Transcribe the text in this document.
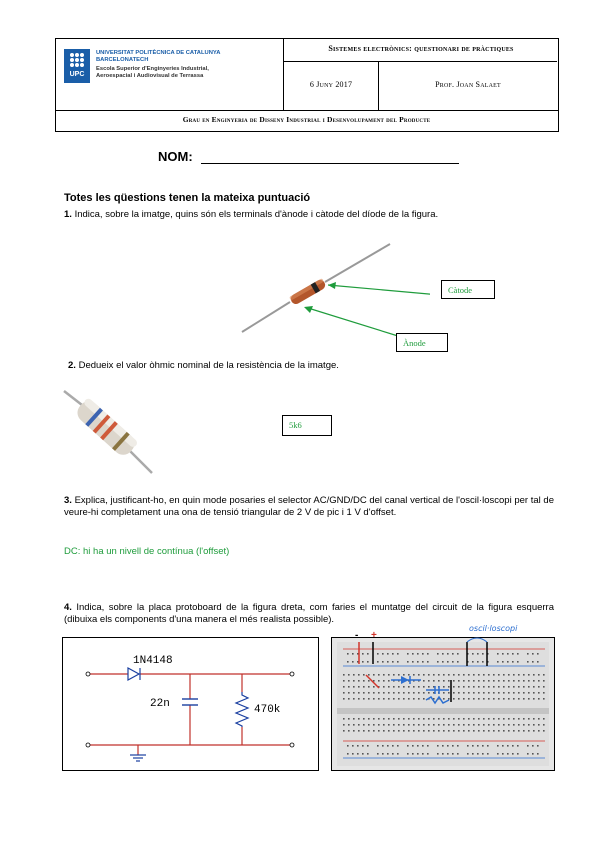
UPC
UNIVERSITAT POLITÈCNICA DE CATALUNYA
BARCELONATECH
Escola Superior d'Enginyeries Industrial,
Aeroespacial i Audiovisual de Terrassa
Sistemes electrònics: questionari de pràctiques
6 Juny 2017	Prof. Joan Salaet
Grau en Enginyeria de Disseny Industrial i Desenvolupament del Producte
NOM:
Totes les qüestions tenen la mateixa puntuació
1. Indica, sobre la imatge, quins són els terminals d'ànode i càtode del díode de la figura.
Càtode
Ànode
2. Dedueix el valor òhmic nominal de la resistència de la imatge.
5k6
3. Explica, justificant-ho, en quin mode posaries el selector AC/GND/DC del canal vertical de l'oscil·loscopi per tal de veure-hi completament una ona de tensió triangular de 2 V de pic i 1 V d'offset.
DC: hi ha un nivell de contínua (l'offset)
4. Indica, sobre la placa protoboard de la figura dreta, com faries el muntatge del circuit de la figura esquerra (dibuixa els components d'una manera el més realista possible).
1N4148
22n	470k
oscil·loscopi
- +
